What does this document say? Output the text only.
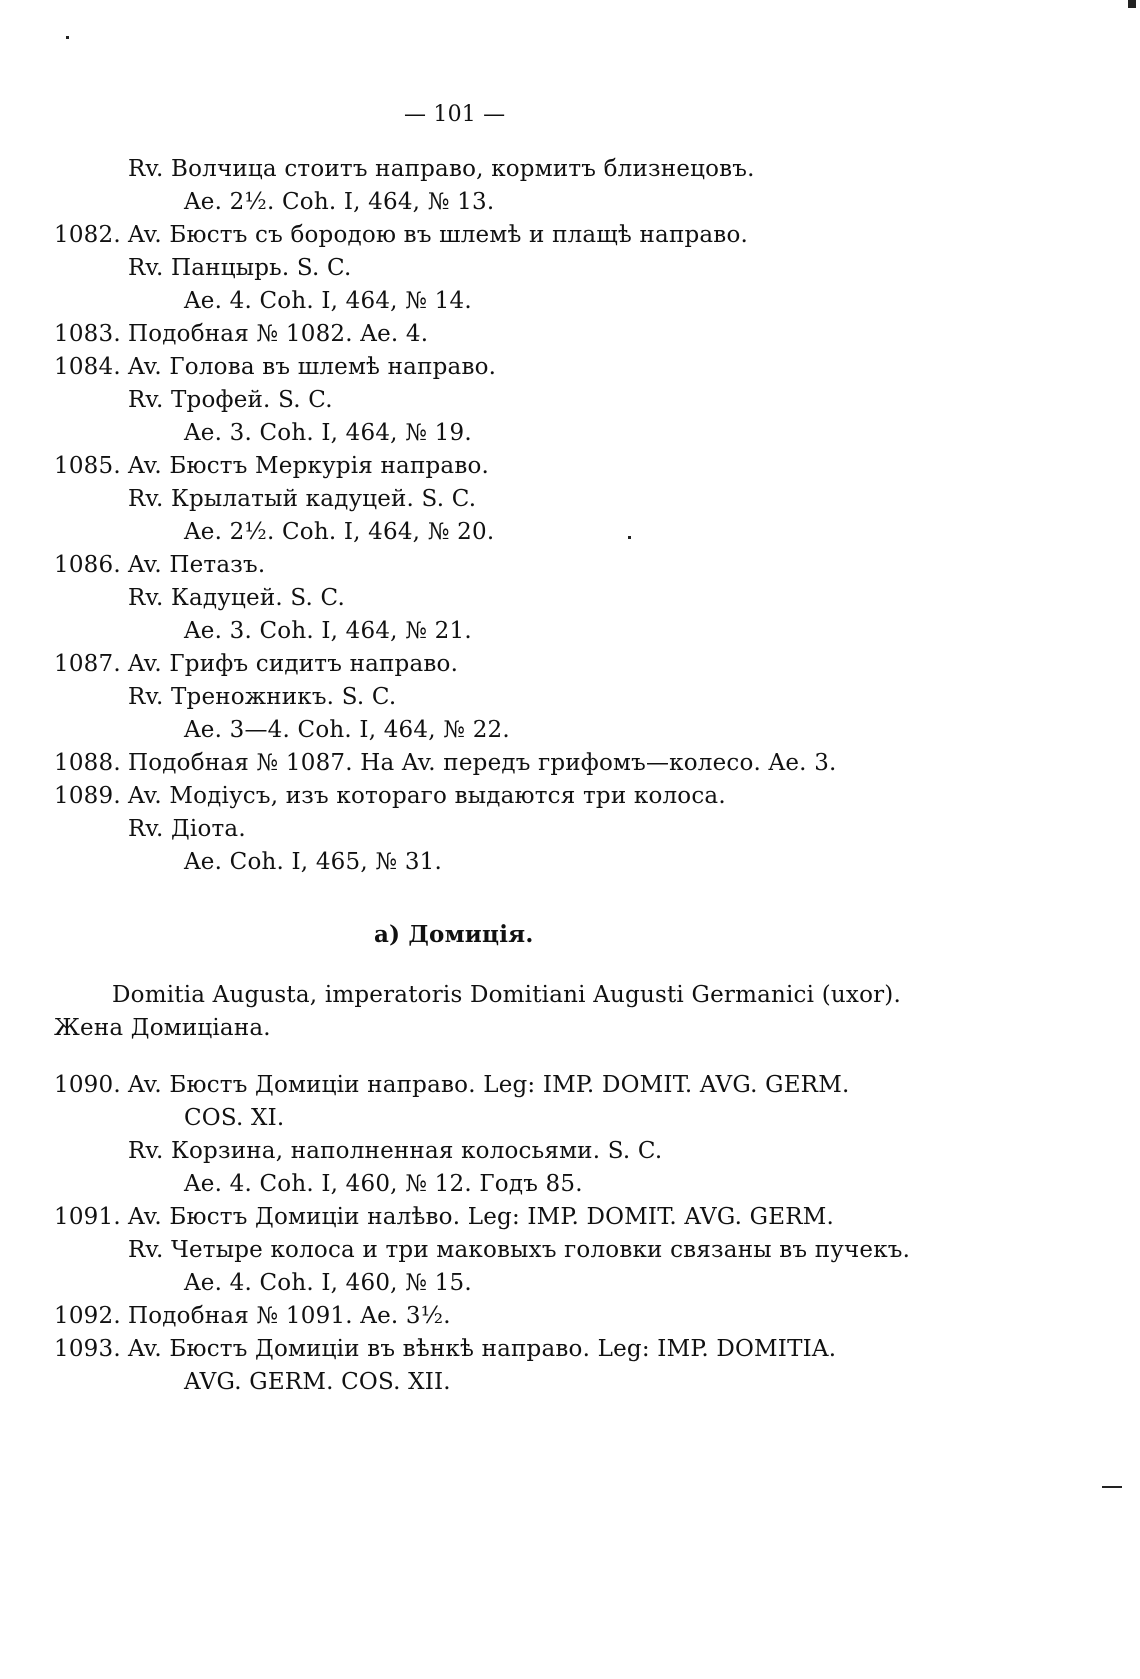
— 101 —
Rv. Волчица стоитъ направо, кормитъ близнецовъ.
Ae. 2½. Coh. I, 464, № 13.
1082. Av. Бюстъ съ бородою въ шлемѣ и плащѣ направо.
Rv. Панцырь. S. C.
Ae. 4. Coh. I, 464, № 14.
1083. Подобная № 1082. Ae. 4.
1084. Av. Голова въ шлемѣ направо.
Rv. Трофей. S. C.
Ae. 3. Coh. I, 464, № 19.
1085. Av. Бюстъ Меркурія направо.
Rv. Крылатый кадуцей. S. C.
Ae. 2½. Coh. I, 464, № 20.
1086. Av. Петазъ.
Rv. Кадуцей. S. C.
Ae. 3. Coh. I, 464, № 21.
1087. Av. Грифъ сидитъ направо.
Rv. Треножникъ. S. C.
Ae. 3—4. Coh. I, 464, № 22.
1088. Подобная № 1087. На Av. передъ грифомъ—колесо. Ae. 3.
1089. Av. Модіусъ, изъ котораго выдаются три колоса.
Rv. Діота.
Ae. Coh. I, 465, № 31.
a) Домиція.
Domitia Augusta, imperatoris Domitiani Augusti Germanici (uxor).
Жена Домиціана.
1090. Av. Бюстъ Домиціи направо. Leg: IMP. DOMIT. AVG. GERM.
COS. XI.
Rv. Корзина, наполненная колосьями. S. C.
Ae. 4. Coh. I, 460, № 12. Годъ 85.
1091. Av. Бюстъ Домиціи налѣво. Leg: IMP. DOMIT. AVG. GERM.
Rv. Четыре колоса и три маковыхъ головки связаны въ пучекъ.
Ae. 4. Coh. I, 460, № 15.
1092. Подобная № 1091. Ae. 3½.
1093. Av. Бюстъ Домиціи въ вѣнкѣ направо. Leg: IMP. DOMITIA.
AVG. GERM. COS. XII.
